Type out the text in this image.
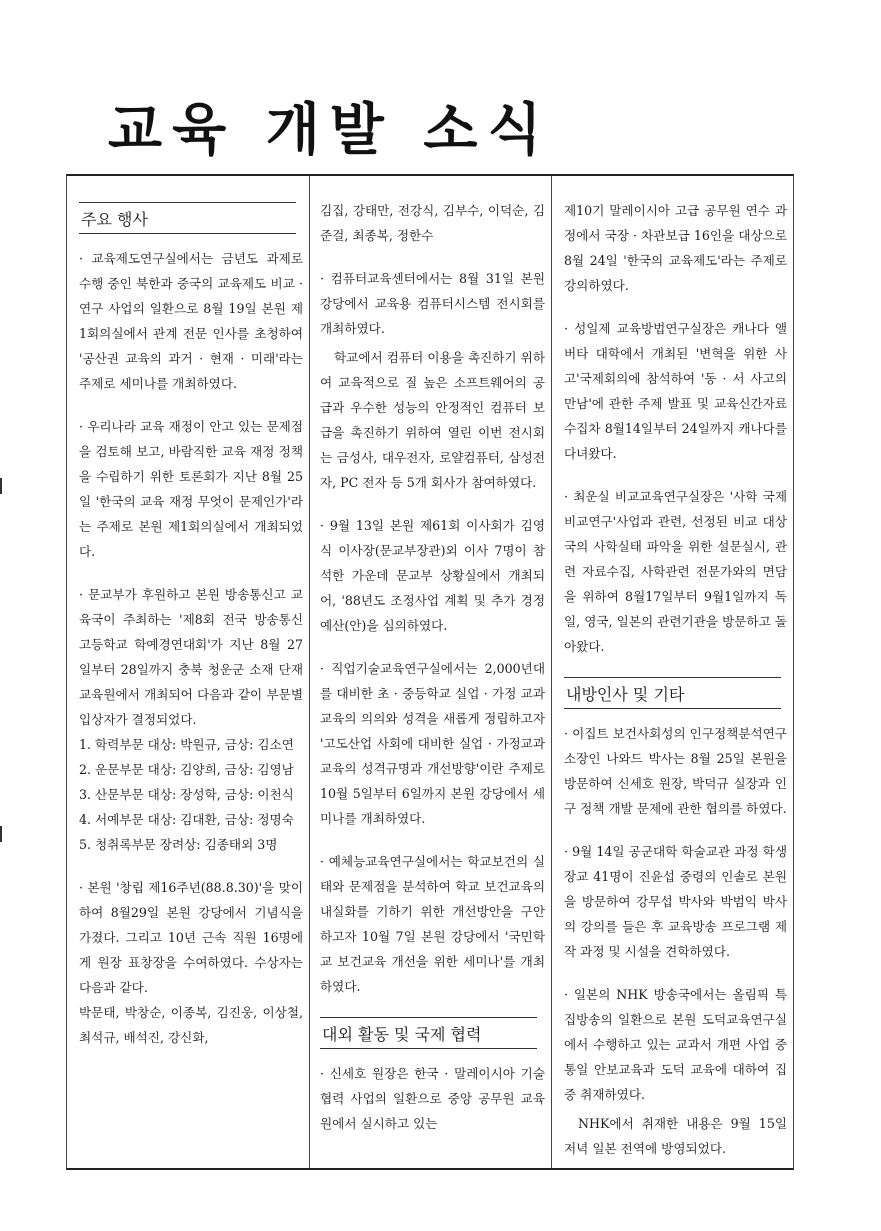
교육 개발 소식
주요 행사

· 교육제도연구실에서는 금년도 과제로 수행 중인 북한과 중국의 교육제도 비교 · 연구 사업의 일환으로 8월 19일 본원 제1회의실에서 관계 전문 인사를 초청하여 '공산권 교육의 과거 · 현재 · 미래'라는 주제로 세미나를 개최하였다.

· 우리나라 교육 재정이 안고 있는 문제점을 검토해 보고, 바람직한 교육 재정 정책을 수립하기 위한 토론회가 지난 8월 25일 '한국의 교육 재정 무엇이 문제인가'라는 주제로 본원 제1회의실에서 개최되었다.

· 문교부가 후원하고 본원 방송통신고 교육국이 주최하는 '제8회 전국 방송통신 고등학교 학예경연대회'가 지난 8월 27일부터 28일까지 충북 청운군 소재 단재교육원에서 개최되어 다음과 같이 부문별 입상자가 결정되었다.
1. 학력부문 대상: 박원규, 금상: 김소연
2. 운문부문 대상: 김양희, 금상: 김영남
3. 산문부문 대상: 장성학, 금상: 이천식
4. 서예부문 대상: 김대환, 금상: 정명숙
5. 청취록부문 장려상: 김종태외 3명

· 본원 '창립 제16주년(88.8.30)'을 맞이하여 8월29일 본원 강당에서 기념식을 가졌다. 그리고 10년 근속 직원 16명에게 원장 표창장을 수여하였다. 수상자는 다음과 같다.
박문태, 박창순, 이종복, 김진웅, 이상철, 최석규, 배석진, 강신화,

김집, 강태만, 전강식, 김부수, 이덕순, 김준걸, 최종복, 정한수

· 컴퓨터교육센터에서는 8월 31일 본원 강당에서 교육용 컴퓨터시스템 전시회를 개최하였다.

학교에서 컴퓨터 이용을 촉진하기 위하여 교육적으로 질 높은 소프트웨어의 공급과 우수한 성능의 안정적인 컴퓨터 보급을 촉진하기 위하여 열린 이번 전시회는 금성사, 대우전자, 로얄컴퓨터, 삼성전자, PC 전자 등 5개 회사가 참여하였다.

· 9월 13일 본원 제61회 이사회가 김영식 이사장(문교부장관)외 이사 7명이 참석한 가운데 문교부 상황실에서 개최되어, '88년도 조정사업 계획 및 추가 경정 예산(안)을 심의하였다.

· 직업기술교육연구실에서는 2,000년대를 대비한 초 · 중등학교 실업 · 가정 교과 교육의 의의와 성격을 새롭게 정립하고자 '고도산업 사회에 대비한 실업 · 가정교과 교육의 성격규명과 개선방향'이란 주제로 10월 5일부터 6일까지 본원 강당에서 세미나를 개최하였다.

· 예체능교육연구실에서는 학교보건의 실태와 문제점을 분석하여 학교 보건교육의 내실화를 기하기 위한 개선방안을 구안 하고자 10월 7일 본원 강당에서 '국민학교 보건교육 개선을 위한 세미나'를 개최하였다.

대외 활동 및 국제 협력

· 신세호 원장은 한국 · 말레이시아 기술 협력 사업의 일환으로 중앙 공무원 교육원에서 실시하고 있는

제10기 말레이시아 고급 공무원 연수 과정에서 국장 · 차관보급 16인을 대상으로 8월 24일 '한국의 교육제도'라는 주제로 강의하였다.

· 성일제 교육방법연구실장은 캐나다 앨버타 대학에서 개최된 '변혁을 위한 사고'국제회의에 참석하여 '동 · 서 사고의 만남'에 관한 주제 발표 및 교육신간자료 수집차 8월14일부터 24일까지 캐나다를 다녀왔다.

· 최운실 비교교육연구실장은 '사학 국제비교연구'사업과 관련, 선정된 비교 대상국의 사학실태 파악을 위한 설문실시, 관련 자료수집, 사학관련 전문가와의 면담을 위하여 8월17일부터 9월1일까지 독일, 영국, 일본의 관련기관을 방문하고 돌아왔다.

내방인사 및 기타

· 이집트 보건사회성의 인구정책분석연구소장인 나와드 박사는 8월 25일 본원을 방문하여 신세호 원장, 박덕규 실장과 인구 정책 개발 문제에 관한 협의를 하였다.

· 9월 14일 공군대학 학술교관 과정 학생장교 41명이 진윤섭 중령의 인솔로 본원을 방문하여 강무섭 박사와 박범익 박사의 강의를 들은 후 교육방송 프로그램 제작 과정 및 시설을 견학하였다.

· 일본의 NHK 방송국에서는 올림픽 특집방송의 일환으로 본원 도덕교육연구실에서 수행하고 있는 교과서 개편 사업 중 통일 안보교육과 도덕 교육에 대하여 집중 취재하였다.

NHK에서 취재한 내용은 9월 15일 저녁 일본 전역에 방영되었다.
